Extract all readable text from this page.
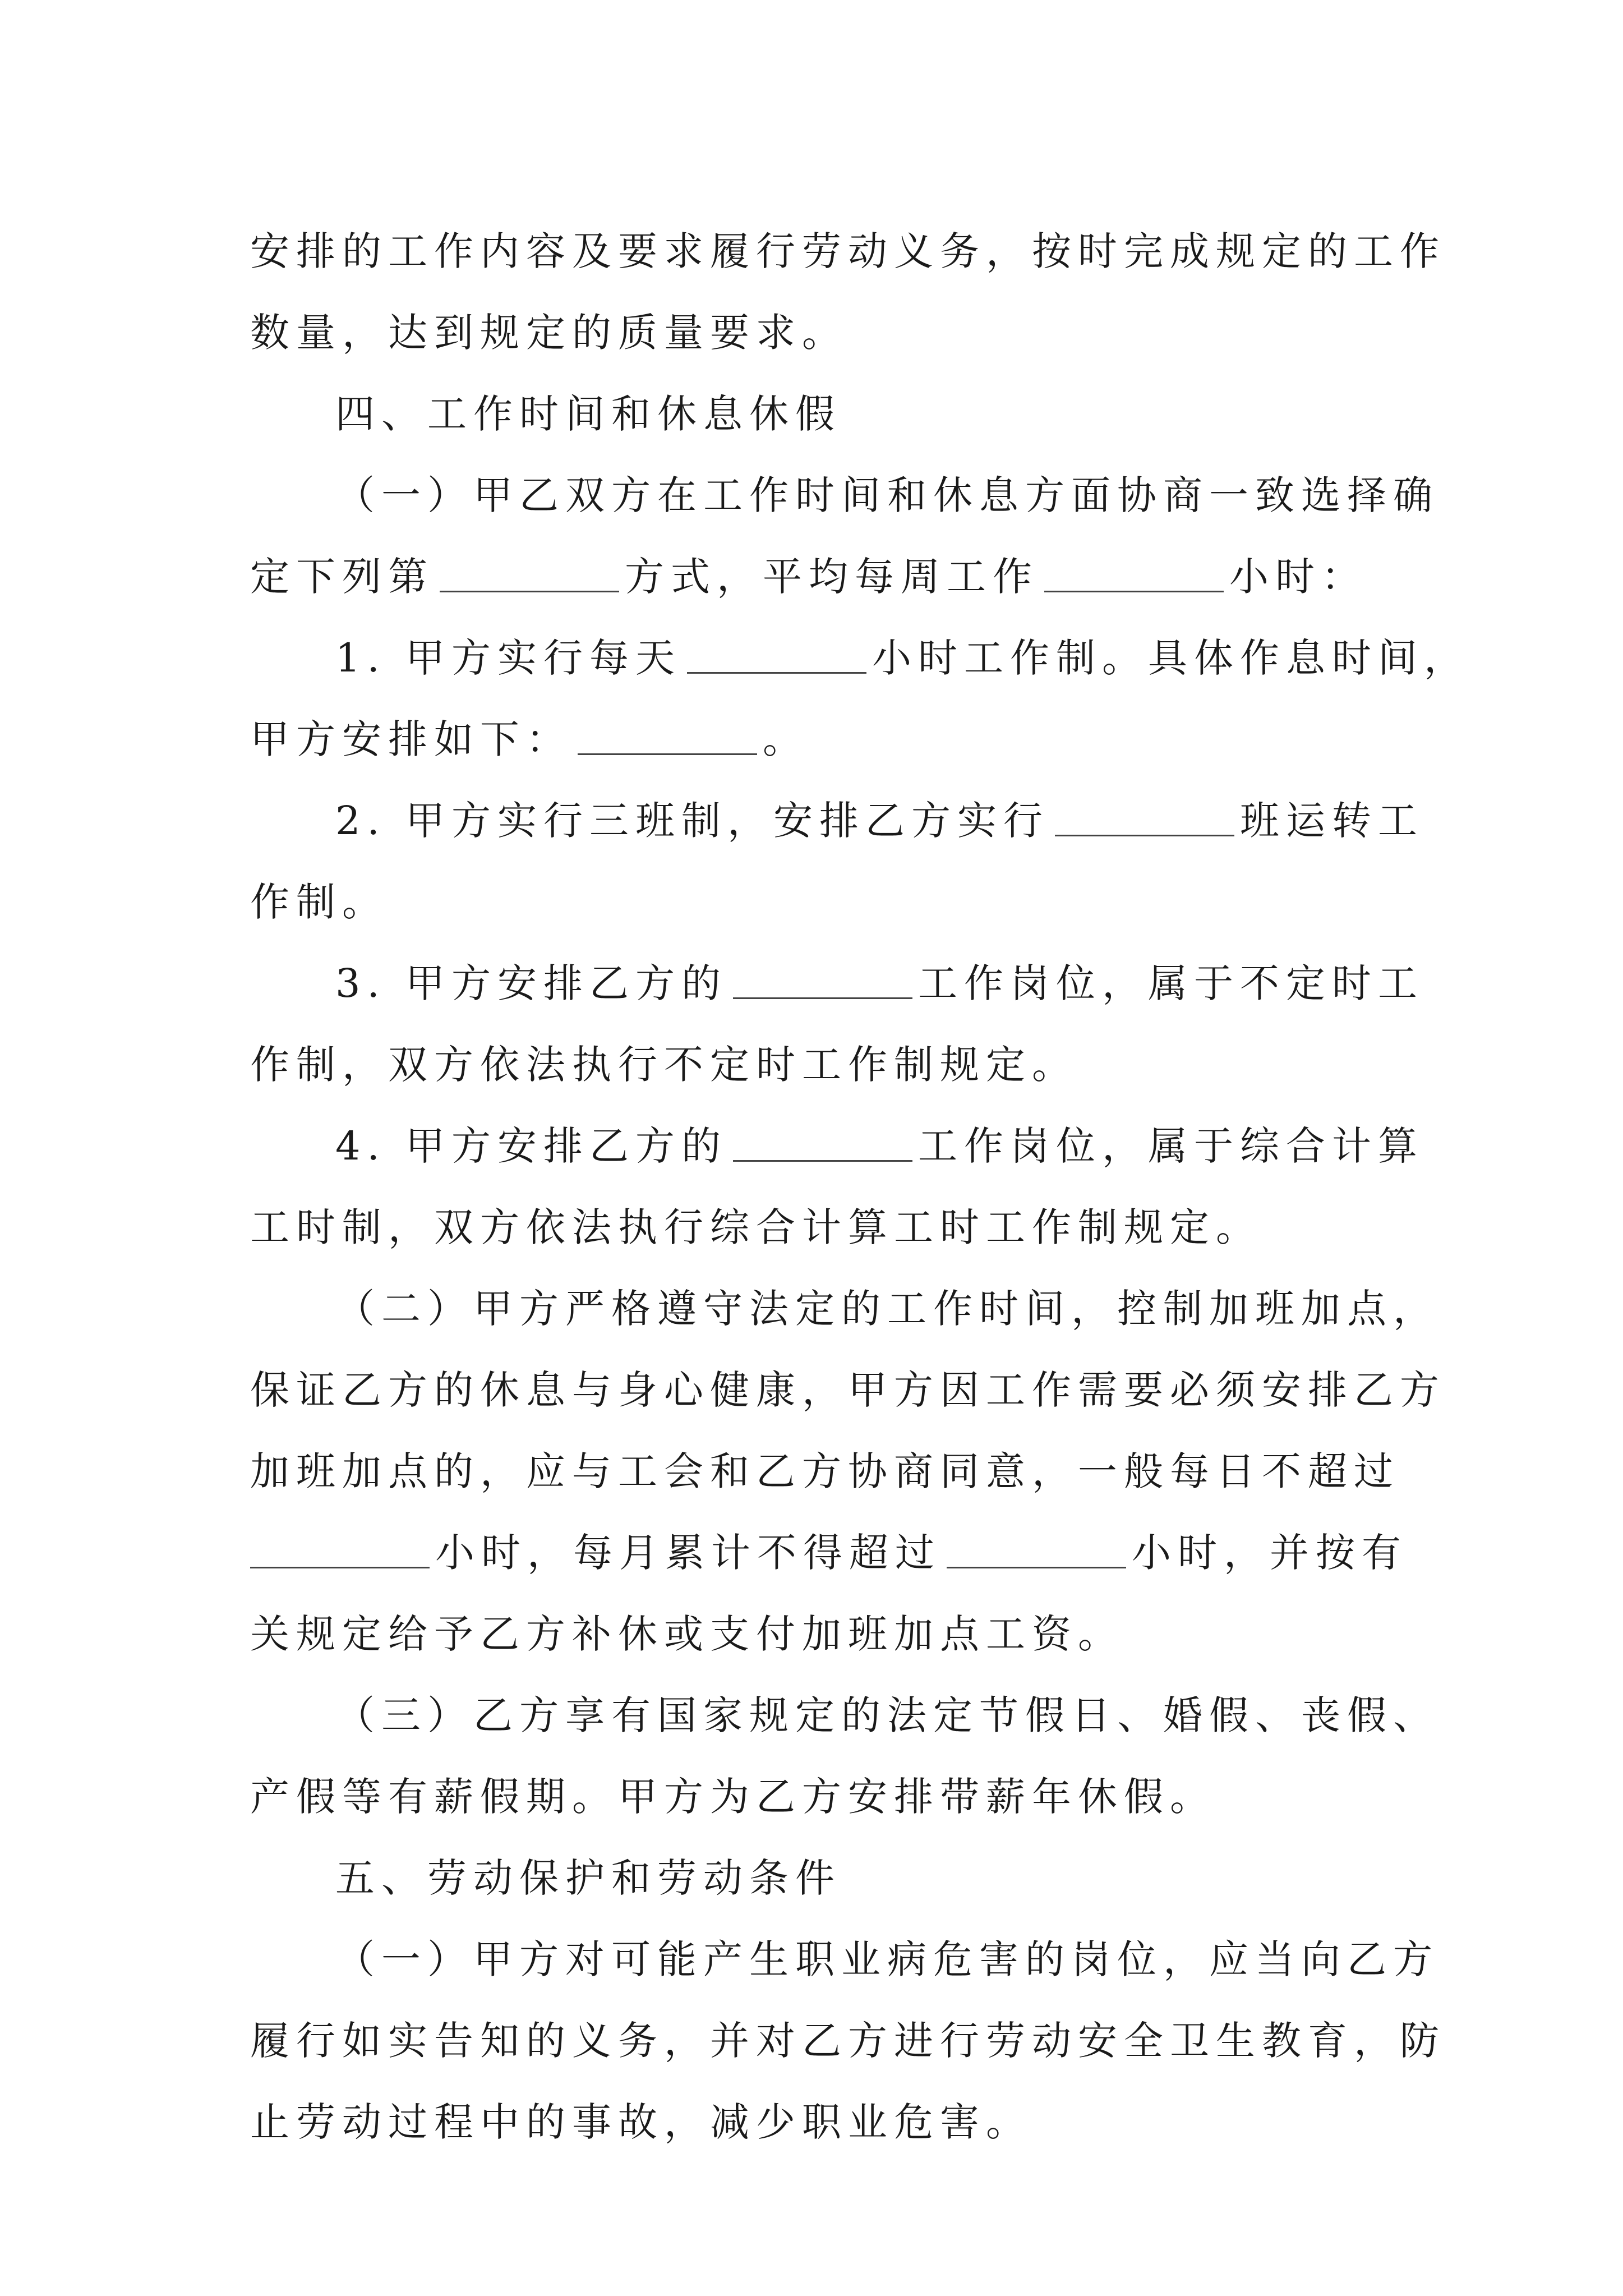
安排的工作内容及要求履行劳动义务，按时完成规定的工作

数量，达到规定的质量要求。

四、工作时间和休息休假

（一）甲乙双方在工作时间和休息方面协商一致选择确

定下列第	方式，平均每周工作	小时：

1. 甲方实行每天	小时工作制。具体作息时间，

甲方安排如下：	。

2. 甲方实行三班制，安排乙方实行	班运转工

作制。

3. 甲方安排乙方的	工作岗位，属于不定时工

作制，双方依法执行不定时工作制规定。

4. 甲方安排乙方的	工作岗位，属于综合计算

工时制，双方依法执行综合计算工时工作制规定。

（二）甲方严格遵守法定的工作时间，控制加班加点，

保证乙方的休息与身心健康，甲方因工作需要必须安排乙方

加班加点的，应与工会和乙方协商同意，一般每日不超过

小时，每月累计不得超过	小时，并按有

关规定给予乙方补休或支付加班加点工资。

（三）乙方享有国家规定的法定节假日、婚假、丧假、

产假等有薪假期。甲方为乙方安排带薪年休假。

五、劳动保护和劳动条件

（一）甲方对可能产生职业病危害的岗位，应当向乙方

履行如实告知的义务，并对乙方进行劳动安全卫生教育，防

止劳动过程中的事故，减少职业危害。
